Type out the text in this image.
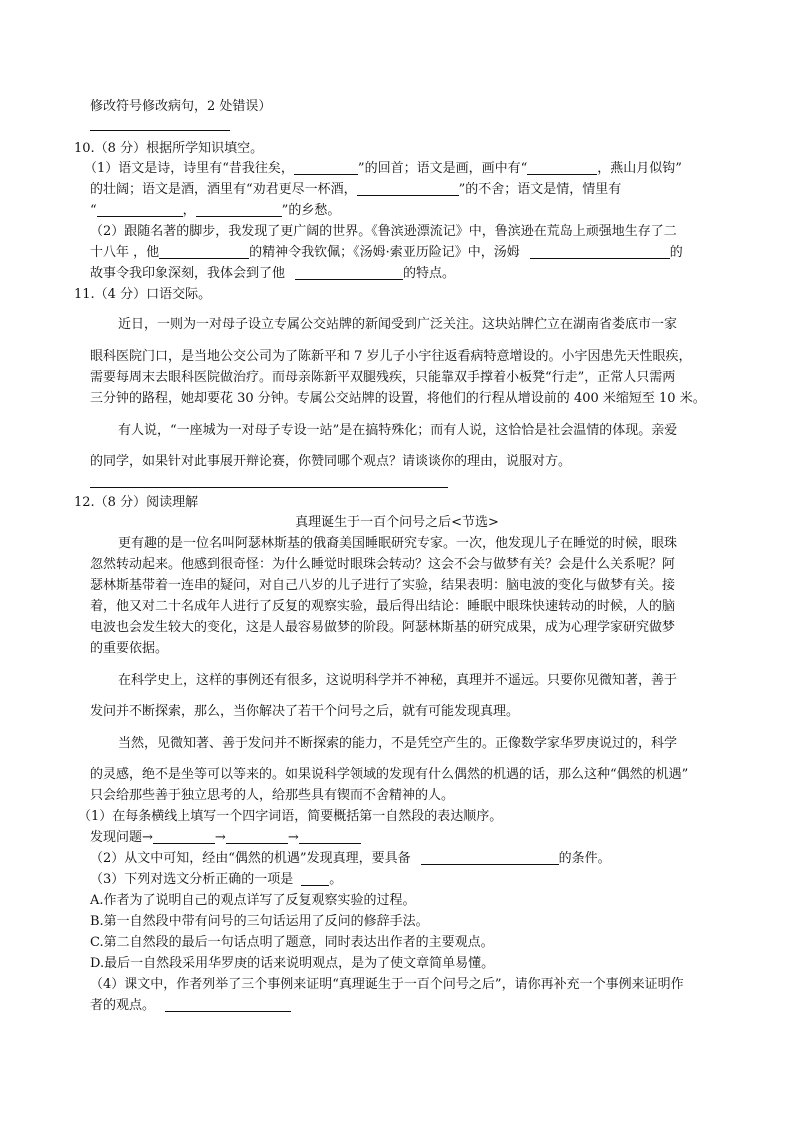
修改符号修改病句，2 处错误）
10.（8 分）根据所学知识填空。
（1）语文是诗，诗里有“昔我往矣，	”的回首；语文是画，画中有“	，燕山月似钩”
的壮阔；语文是酒，酒里有“劝君更尽一杯酒，	”的不舍；语文是情，情里有
“	，	”的乡愁。
（2）跟随名著的脚步，我发现了更广阔的世界。《鲁滨逊漂流记》中，鲁滨逊在荒岛上顽强地生存了二
十八年 ，他	的精神令我钦佩；《汤姆·索亚历险记》中，汤姆	的
故事令我印象深刻，我体会到了他	的特点。
11.（4 分）口语交际。
近日，一则为一对母子设立专属公交站牌的新闻受到广泛关注。这块站牌伫立在湖南省娄底市一家
眼科医院门口，是当地公交公司为了陈新平和 7 岁儿子小宇往返看病特意增设的。小宇因患先天性眼疾，
需要每周末去眼科医院做治疗。而母亲陈新平双腿残疾，只能靠双手撑着小板凳“行走”，正常人只需两
三分钟的路程，她却要花 30 分钟。专属公交站牌的设置，将他们的行程从增设前的 400 米缩短至 10 米。
有人说，“一座城为一对母子专设一站”是在搞特殊化；而有人说，这恰恰是社会温情的体现。亲爱
的同学，如果针对此事展开辩论赛，你赞同哪个观点？请谈谈你的理由，说服对方。
12.（8 分）阅读理解
真理诞生于一百个问号之后<节选>
更有趣的是一位名叫阿瑟林斯基的俄裔美国睡眠研究专家。一次，他发现儿子在睡觉的时候，眼珠
忽然转动起来。他感到很奇怪：为什么睡觉时眼珠会转动？这会不会与做梦有关？会是什么关系呢？阿
瑟林斯基带着一连串的疑问，对自己八岁的儿子进行了实验，结果表明：脑电波的变化与做梦有关。接
着，他又对二十名成年人进行了反复的观察实验，最后得出结论：睡眠中眼珠快速转动的时候，人的脑
电波也会发生较大的变化，这是人最容易做梦的阶段。阿瑟林斯基的研究成果，成为心理学家研究做梦
的重要依据。
在科学史上，这样的事例还有很多，这说明科学并不神秘，真理并不遥远。只要你见微知著，善于
发问并不断探索，那么，当你解决了若干个问号之后，就有可能发现真理。
当然，见微知著、善于发问并不断探索的能力，不是凭空产生的。正像数学家华罗庚说过的，科学
的灵感，绝不是坐等可以等来的。如果说科学领域的发现有什么偶然的机遇的话，那么这种“偶然的机遇”
只会给那些善于独立思考的人，给那些具有锲而不舍精神的人。
（1）在每条横线上填写一个四字词语，简要概括第一自然段的表达顺序。
发现问题→	→	→
（2）从文中可知，经由“偶然的机遇”发现真理，要具备	的条件。
（3）下列对选文分析正确的一项是	。
A.作者为了说明自己的观点详写了反复观察实验的过程。
B.第一自然段中带有问号的三句话运用了反问的修辞手法。
C.第二自然段的最后一句话点明了题意，同时表达出作者的主要观点。
D.最后一自然段采用华罗庚的话来说明观点，是为了使文章简单易懂。
（4）课文中，作者列举了三个事例来证明“真理诞生于一百个问号之后”，请你再补充一个事例来证明作
者的观点。
